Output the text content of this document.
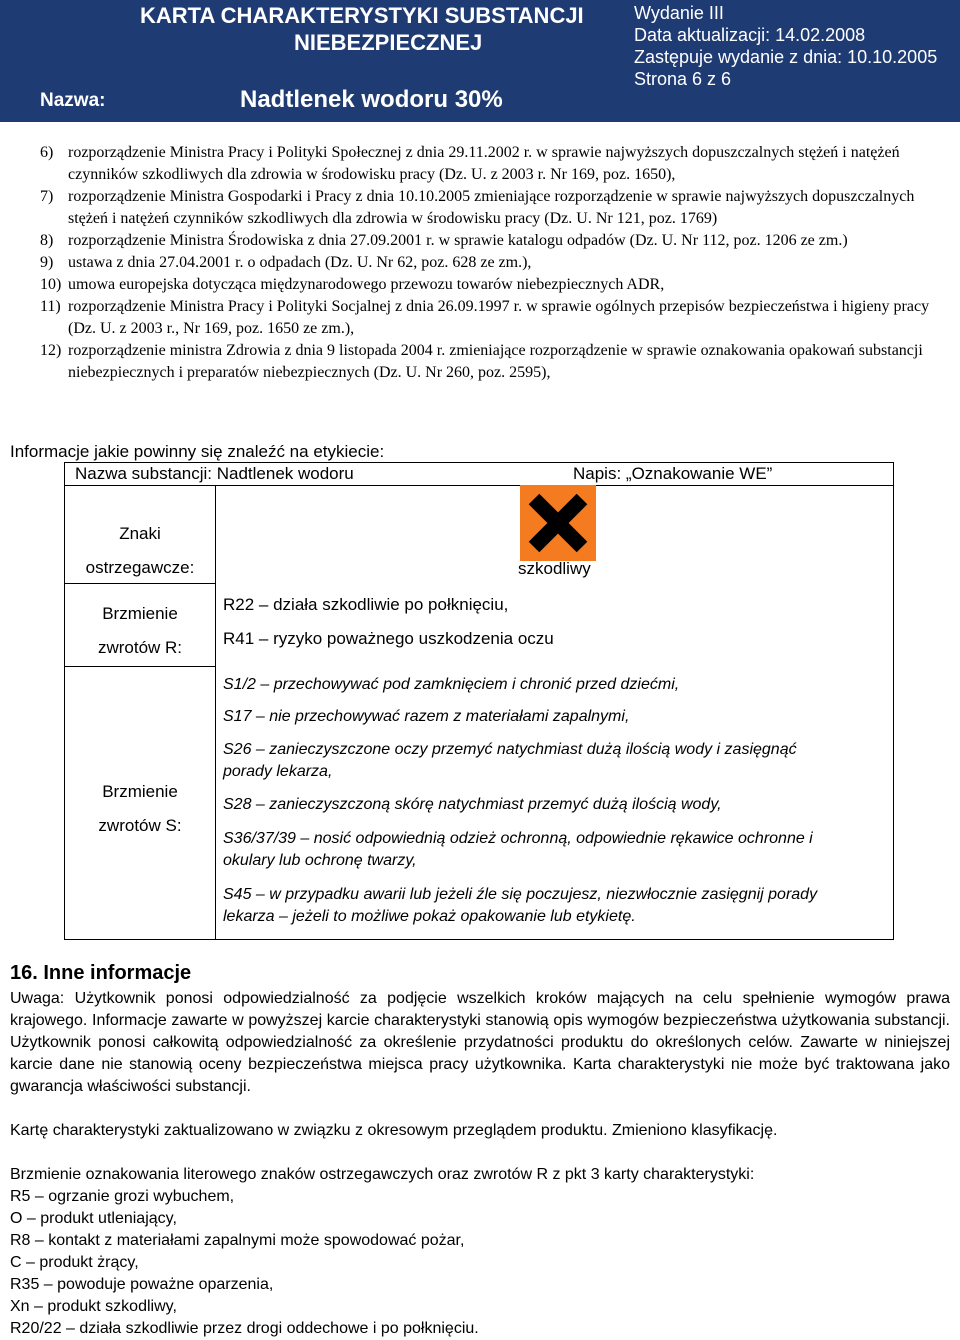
KARTA CHARAKTERYSTYKI SUBSTANCJI
NIEBEZPIECZNEJ
Wydanie III
Data aktualizacji: 14.02.2008
Zastępuje wydanie z dnia: 10.10.2005
Strona 6 z 6
Nazwa:	Nadtlenek wodoru 30%
6) rozporządzenie Ministra Pracy i Polityki Społecznej z dnia 29.11.2002 r. w sprawie najwyższych dopuszczalnych stężeń i natężeń czynników szkodliwych dla zdrowia w środowisku pracy (Dz. U. z 2003 r. Nr 169, poz. 1650),
7) rozporządzenie Ministra Gospodarki i Pracy z dnia 10.10.2005 zmieniające rozporządzenie w sprawie najwyższych dopuszczalnych stężeń i natężeń czynników szkodliwych dla zdrowia w środowisku pracy (Dz. U. Nr 121, poz. 1769)
8) rozporządzenie Ministra Środowiska z dnia 27.09.2001 r. w sprawie katalogu odpadów (Dz. U. Nr 112, poz. 1206 ze zm.)
9) ustawa z dnia 27.04.2001 r. o odpadach (Dz. U. Nr 62, poz. 628 ze zm.),
10) umowa europejska dotycząca międzynarodowego przewozu towarów niebezpiecznych ADR,
11) rozporządzenie Ministra Pracy i Polityki Socjalnej z dnia 26.09.1997 r. w sprawie ogólnych przepisów bezpieczeństwa i higieny pracy (Dz. U. z 2003 r., Nr 169, poz. 1650 ze zm.),
12) rozporządzenie ministra Zdrowia z dnia 9 listopada 2004 r. zmieniające rozporządzenie w sprawie oznakowania opakowań substancji niebezpiecznych i preparatów niebezpiecznych (Dz. U. Nr 260, poz. 2595),
Informacje jakie powinny się znaleźć na etykiecie:
Nazwa substancji: Nadtlenek wodoru	Napis: „Oznakowanie WE”
Znaki
ostrzegawcze:
Brzmienie
zwrotów R:
Brzmienie
zwrotów S:
szkodliwy
R22 – działa szkodliwie po połknięciu,
R41 – ryzyko poważnego uszkodzenia oczu
S1/2 – przechowywać pod zamknięciem i chronić przed dziećmi,
S17 – nie przechowywać razem z materiałami zapalnymi,
S26 – zanieczyszczone oczy przemyć natychmiast dużą ilością wody i zasięgnąć porady lekarza,
S28 – zanieczyszczoną skórę natychmiast przemyć dużą ilością wody,
S36/37/39 – nosić odpowiednią odzież ochronną, odpowiednie rękawice ochronne i okulary lub ochronę twarzy,
S45 – w przypadku awarii lub jeżeli źle się poczujesz, niezwłocznie zasięgnij porady lekarza – jeżeli to możliwe pokaż opakowanie lub etykietę.
16. Inne informacje
Uwaga: Użytkownik ponosi odpowiedzialność za podjęcie wszelkich kroków mających na celu spełnienie wymogów prawa krajowego. Informacje zawarte w powyższej karcie charakterystyki stanowią opis wymogów bezpieczeństwa użytkowania substancji. Użytkownik ponosi całkowitą odpowiedzialność za określenie przydatności produktu do określonych celów. Zawarte w niniejszej karcie dane nie stanowią oceny bezpieczeństwa miejsca pracy użytkownika. Karta charakterystyki nie może być traktowana jako gwarancja właściwości substancji.
Kartę charakterystyki zaktualizowano w związku z okresowym przeglądem produktu. Zmieniono klasyfikację.
Brzmienie oznakowania literowego znaków ostrzegawczych oraz zwrotów R z pkt 3 karty charakterystyki:
R5 – ogrzanie grozi wybuchem,
O – produkt utleniający,
R8 – kontakt z materiałami zapalnymi może spowodować pożar,
C – produkt żrący,
R35 – powoduje poważne oparzenia,
Xn – produkt szkodliwy,
R20/22 – działa szkodliwie przez drogi oddechowe i po połknięciu.
